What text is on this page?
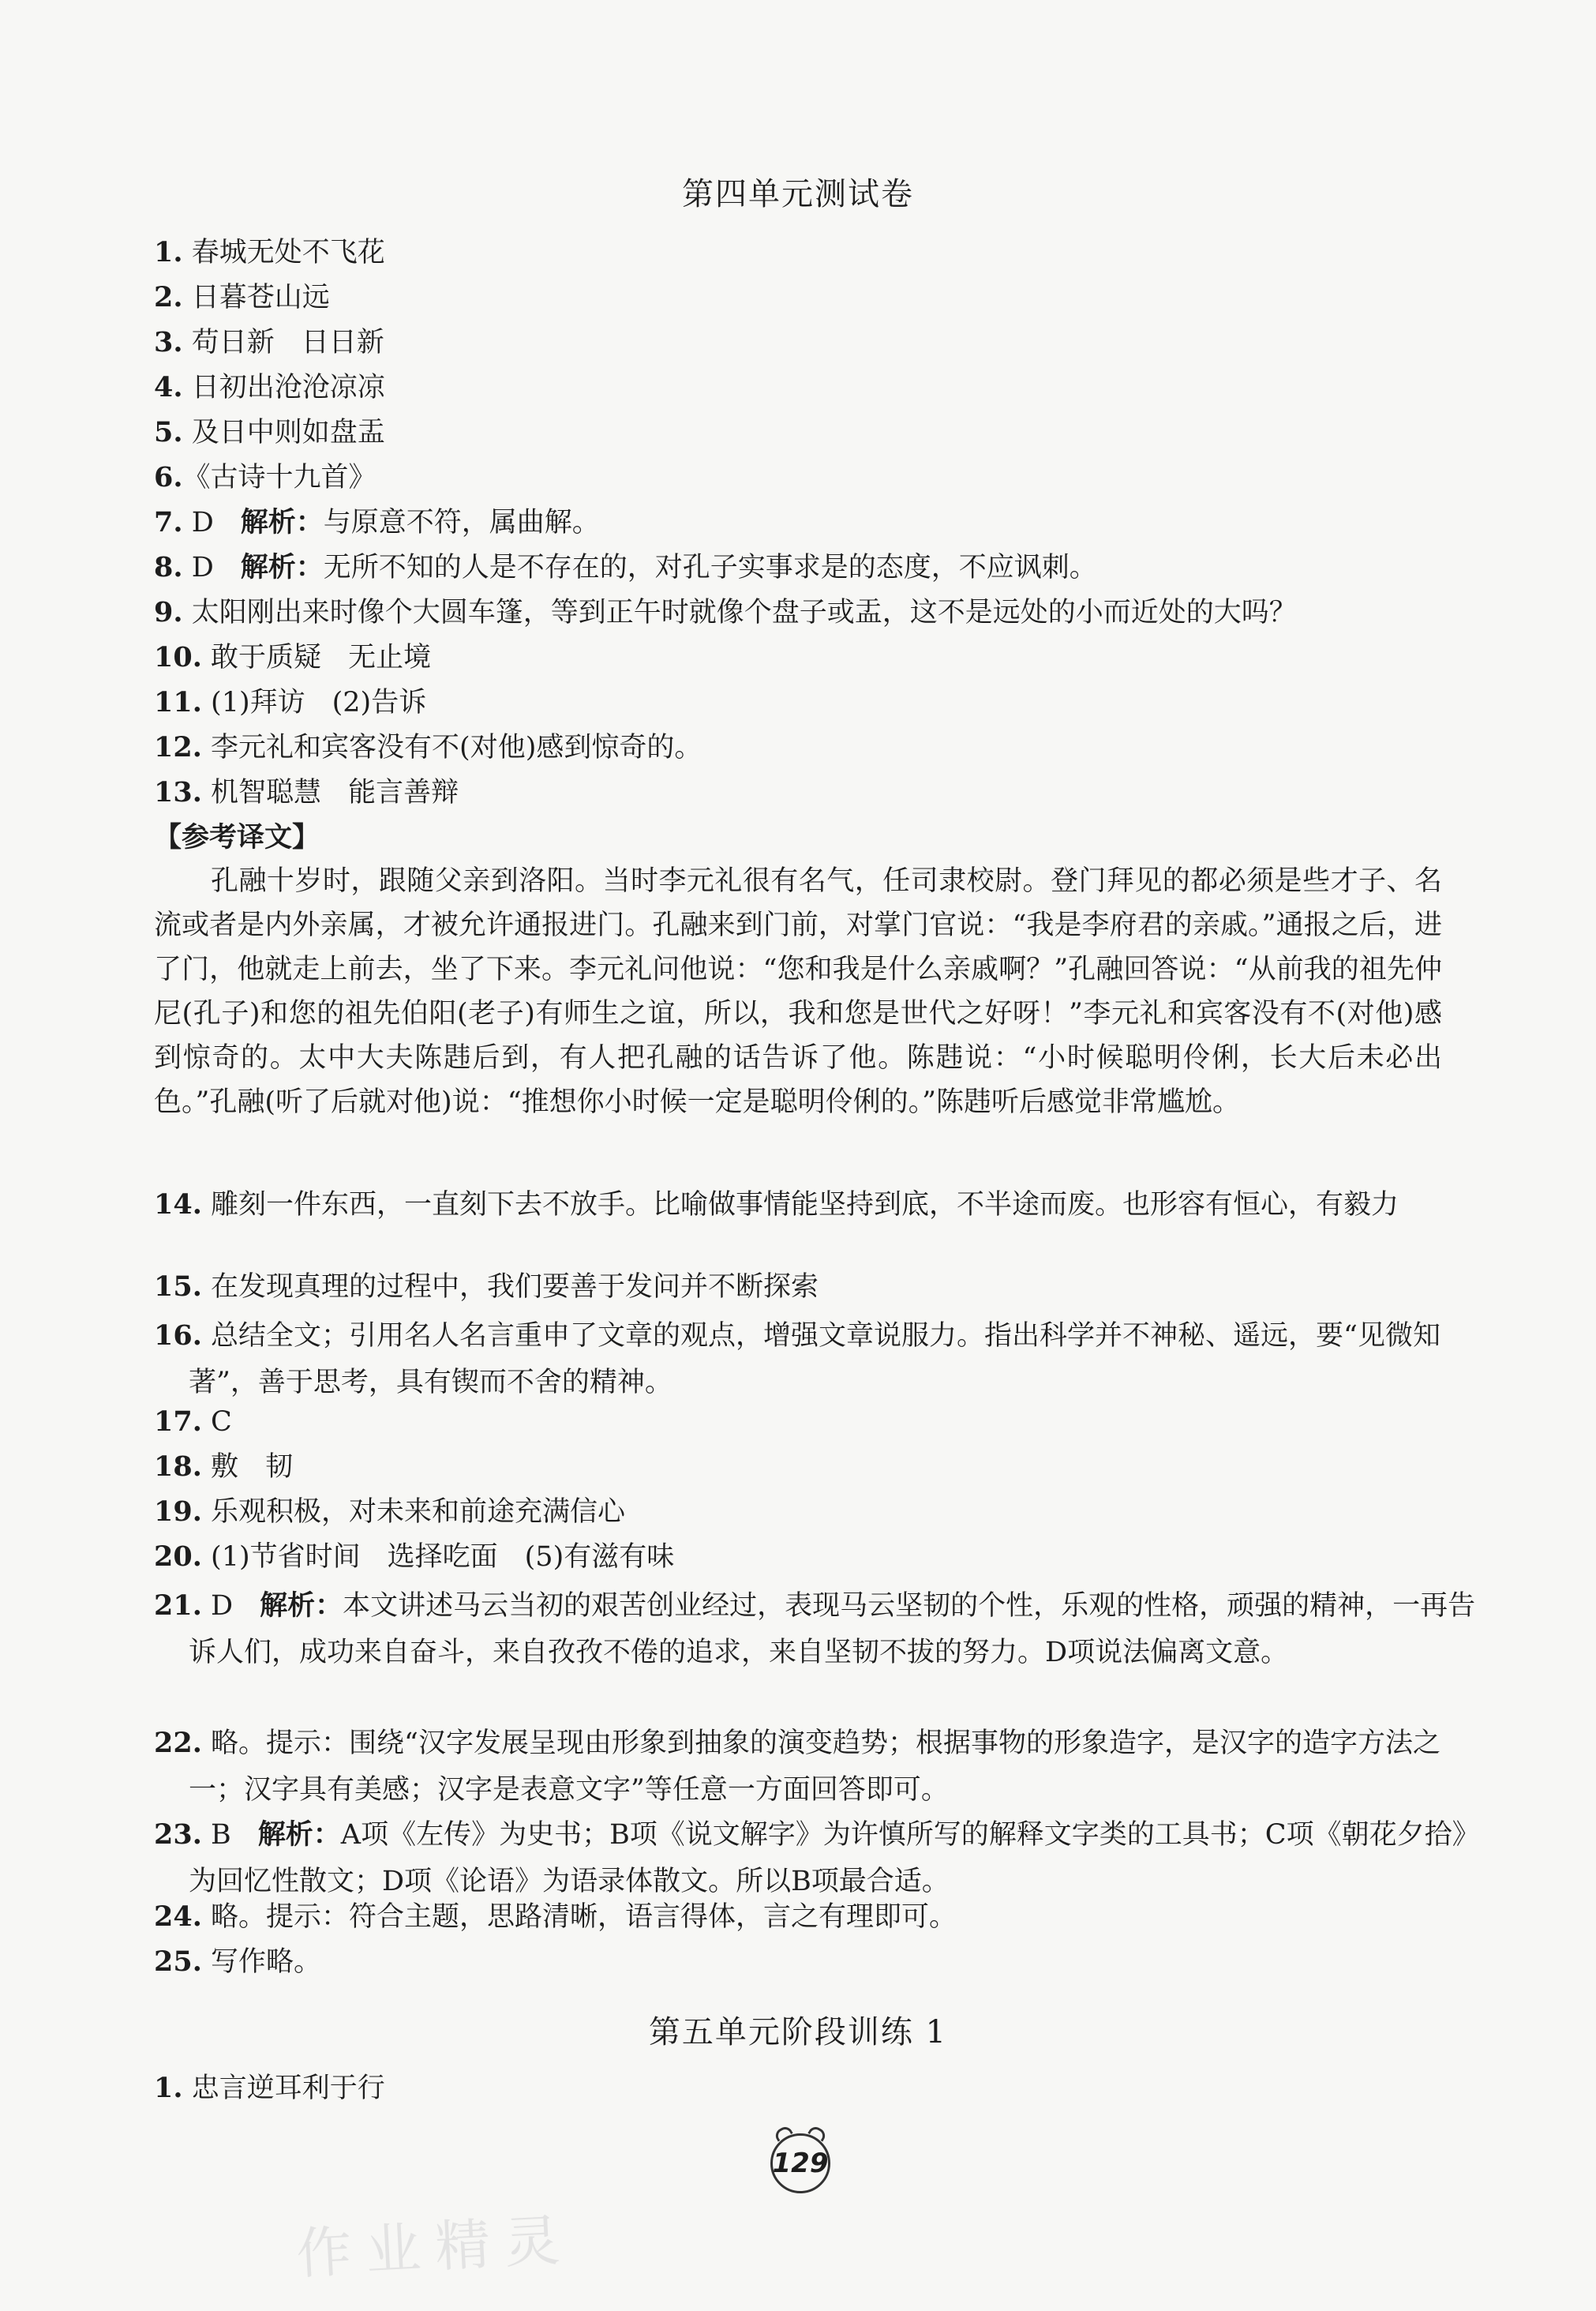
第四单元测试卷
1. 春城无处不飞花
2. 日暮苍山远
3. 苟日新 日日新
4. 日初出沧沧凉凉
5. 及日中则如盘盂
6.《古诗十九首》
7. D 解析：与原意不符，属曲解。
8. D 解析：无所不知的人是不存在的，对孔子实事求是的态度，不应讽刺。
9. 太阳刚出来时像个大圆车篷，等到正午时就像个盘子或盂，这不是远处的小而近处的大吗？
10. 敢于质疑 无止境
11. (1)拜访 (2)告诉
12. 李元礼和宾客没有不(对他)感到惊奇的。
13. 机智聪慧 能言善辩
【参考译文】
孔融十岁时，跟随父亲到洛阳。当时李元礼很有名气，任司隶校尉。登门拜见的都必须是些才子、名流或者是内外亲属，才被允许通报进门。孔融来到门前，对掌门官说：“我是李府君的亲戚。”通报之后，进了门，他就走上前去，坐了下来。李元礼问他说：“您和我是什么亲戚啊？”孔融回答说：“从前我的祖先仲尼(孔子)和您的祖先伯阳(老子)有师生之谊，所以，我和您是世代之好呀！”李元礼和宾客没有不(对他)感到惊奇的。太中大夫陈韪后到，有人把孔融的话告诉了他。陈韪说：“小时候聪明伶俐，长大后未必出色。”孔融(听了后就对他)说：“推想你小时候一定是聪明伶俐的。”陈韪听后感觉非常尴尬。
14. 雕刻一件东西，一直刻下去不放手。比喻做事情能坚持到底，不半途而废。也形容有恒心，有毅力
15. 在发现真理的过程中，我们要善于发问并不断探索
16. 总结全文；引用名人名言重申了文章的观点，增强文章说服力。指出科学并不神秘、遥远，要“见微知著”，善于思考，具有锲而不舍的精神。
17. C
18. 敷 韧
19. 乐观积极，对未来和前途充满信心
20. (1)节省时间 选择吃面 (5)有滋有味
21. D 解析：本文讲述马云当初的艰苦创业经过，表现马云坚韧的个性，乐观的性格，顽强的精神，一再告诉人们，成功来自奋斗，来自孜孜不倦的追求，来自坚韧不拔的努力。D项说法偏离文意。
22. 略。提示：围绕“汉字发展呈现由形象到抽象的演变趋势；根据事物的形象造字，是汉字的造字方法之一；汉字具有美感；汉字是表意文字”等任意一方面回答即可。
23. B 解析：A项《左传》为史书；B项《说文解字》为许慎所写的解释文字类的工具书；C项《朝花夕拾》为回忆性散文；D项《论语》为语录体散文。所以B项最合适。
24. 略。提示：符合主题，思路清晰，语言得体，言之有理即可。
25. 写作略。
第五单元阶段训练 1
1. 忠言逆耳利于行
129
作业精灵
